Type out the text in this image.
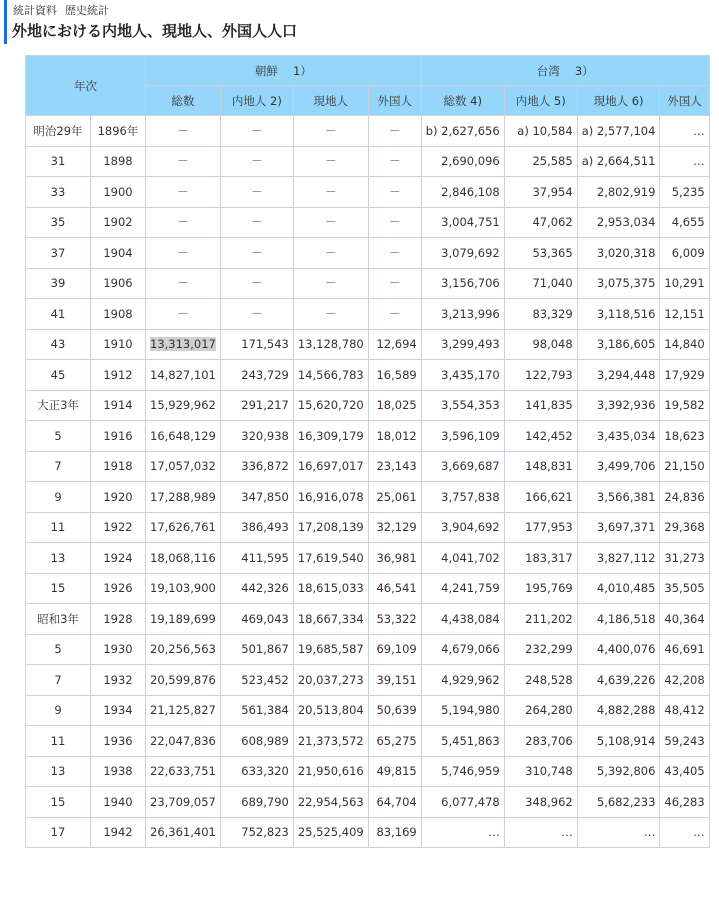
統計資料 歴史統計
外地における内地人、現地人、外国人人口
年次		朝鮮　 1）				台湾　 3）			
		総数	内地人 2)	現地人	外国人	総数 4)	内地人 5)	現地人 6)	外国人
明治29年	1896年	－	－	－	－	b) 2,627,656	a) 10,584	a) 2,577,104	…
31	1898	－	－	－	－	2,690,096	25,585	a) 2,664,511	…
33	1900	－	－	－	－	2,846,108	37,954	2,802,919	5,235
35	1902	－	－	－	－	3,004,751	47,062	2,953,034	4,655
37	1904	－	－	－	－	3,079,692	53,365	3,020,318	6,009
39	1906	－	－	－	－	3,156,706	71,040	3,075,375	10,291
41	1908	－	－	－	－	3,213,996	83,329	3,118,516	12,151
43	1910	13,313,017	171,543	13,128,780	12,694	3,299,493	98,048	3,186,605	14,840
45	1912	14,827,101	243,729	14,566,783	16,589	3,435,170	122,793	3,294,448	17,929
大正3年	1914	15,929,962	291,217	15,620,720	18,025	3,554,353	141,835	3,392,936	19,582
5	1916	16,648,129	320,938	16,309,179	18,012	3,596,109	142,452	3,435,034	18,623
7	1918	17,057,032	336,872	16,697,017	23,143	3,669,687	148,831	3,499,706	21,150
9	1920	17,288,989	347,850	16,916,078	25,061	3,757,838	166,621	3,566,381	24,836
11	1922	17,626,761	386,493	17,208,139	32,129	3,904,692	177,953	3,697,371	29,368
13	1924	18,068,116	411,595	17,619,540	36,981	4,041,702	183,317	3,827,112	31,273
15	1926	19,103,900	442,326	18,615,033	46,541	4,241,759	195,769	4,010,485	35,505
昭和3年	1928	19,189,699	469,043	18,667,334	53,322	4,438,084	211,202	4,186,518	40,364
5	1930	20,256,563	501,867	19,685,587	69,109	4,679,066	232,299	4,400,076	46,691
7	1932	20,599,876	523,452	20,037,273	39,151	4,929,962	248,528	4,639,226	42,208
9	1934	21,125,827	561,384	20,513,804	50,639	5,194,980	264,280	4,882,288	48,412
11	1936	22,047,836	608,989	21,373,572	65,275	5,451,863	283,706	5,108,914	59,243
13	1938	22,633,751	633,320	21,950,616	49,815	5,746,959	310,748	5,392,806	43,405
15	1940	23,709,057	689,790	22,954,563	64,704	6,077,478	348,962	5,682,233	46,283
17	1942	26,361,401	752,823	25,525,409	83,169	…	…	…	…
